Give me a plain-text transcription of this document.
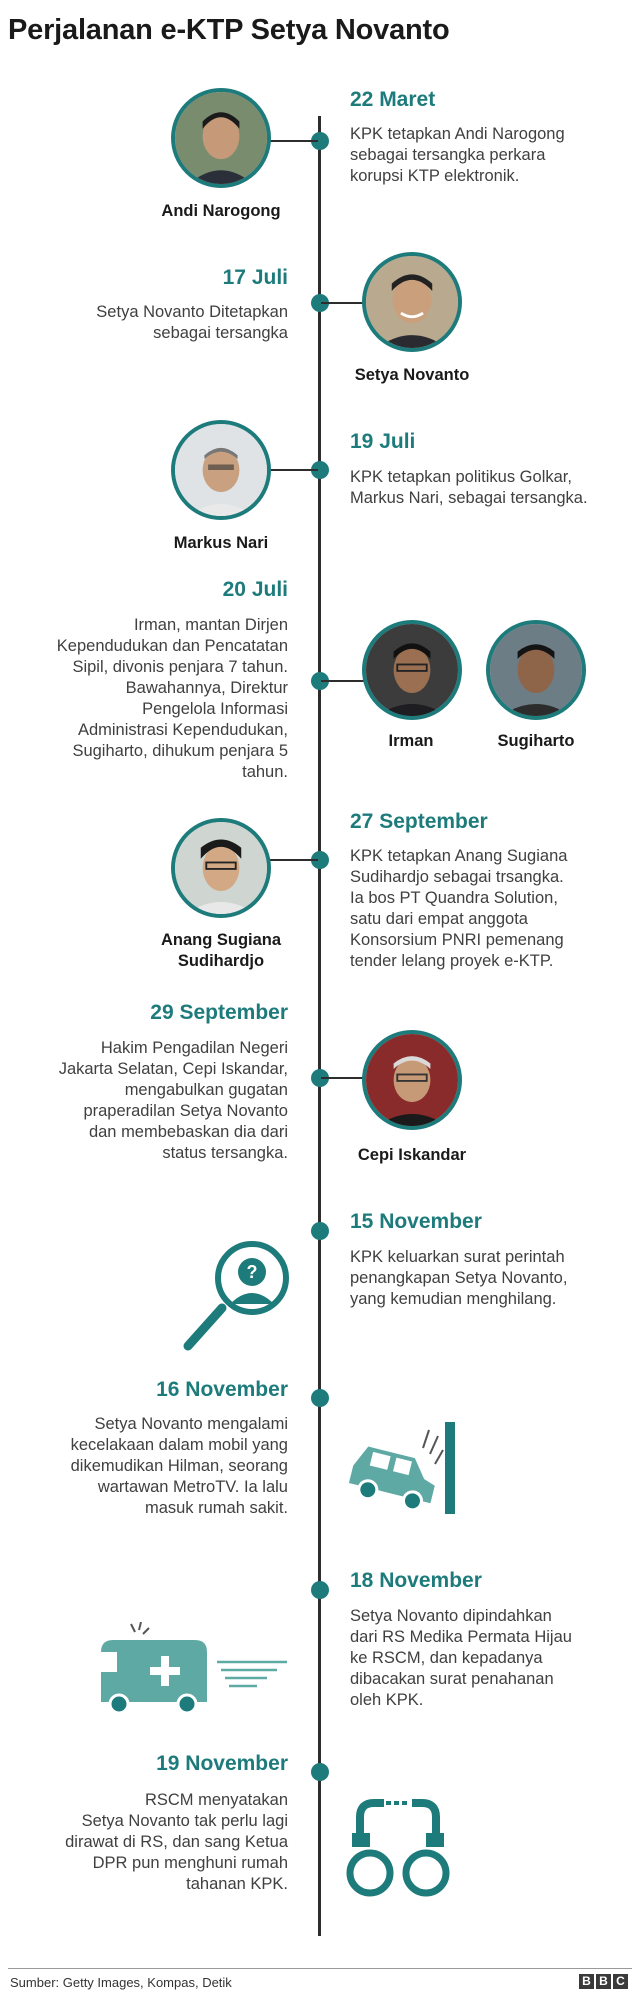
Perjalanan e-KTP Setya Novanto
22 Maret
KPK tetapkan Andi Narogong
sebagai tersangka perkara
korupsi KTP elektronik.
Andi Narogong
17 Juli
Setya Novanto Ditetapkan
sebagai tersangka
Setya Novanto
19 Juli
KPK tetapkan politikus Golkar,
Markus Nari, sebagai tersangka.
Markus Nari
20 Juli
Irman, mantan Dirjen
Kependudukan dan Pencatatan
Sipil, divonis penjara 7 tahun.
Bawahannya, Direktur
Pengelola Informasi
Administrasi Kependudukan,
Sugiharto, dihukum penjara 5
tahun.
Irman	Sugiharto
27 September
KPK tetapkan Anang Sugiana
Sudihardjo sebagai trsangka.
Ia bos PT Quandra Solution,
satu dari empat anggota
Konsorsium PNRI pemenang
tender lelang proyek e-KTP.
Anang Sugiana
Sudihardjo
29 September
Hakim Pengadilan Negeri
Jakarta Selatan, Cepi Iskandar,
mengabulkan gugatan
praperadilan Setya Novanto
dan membebaskan dia dari
status tersangka.	Cepi Iskandar
15 November
KPK keluarkan surat perintah
penangkapan Setya Novanto,
yang kemudian menghilang.
?
16 November
Setya Novanto mengalami
kecelakaan dalam mobil yang
dikemudikan Hilman, seorang
wartawan MetroTV. Ia lalu
masuk rumah sakit.
18 November
Setya Novanto dipindahkan
dari RS Medika Permata Hijau
ke RSCM, dan kepadanya
dibacakan surat penahanan
oleh KPK.
19 November
RSCM menyatakan
Setya Novanto tak perlu lagi
dirawat di RS, dan sang Ketua
DPR pun menghuni rumah
tahanan KPK.
Sumber: Getty Images, Kompas, Detik	B B C
